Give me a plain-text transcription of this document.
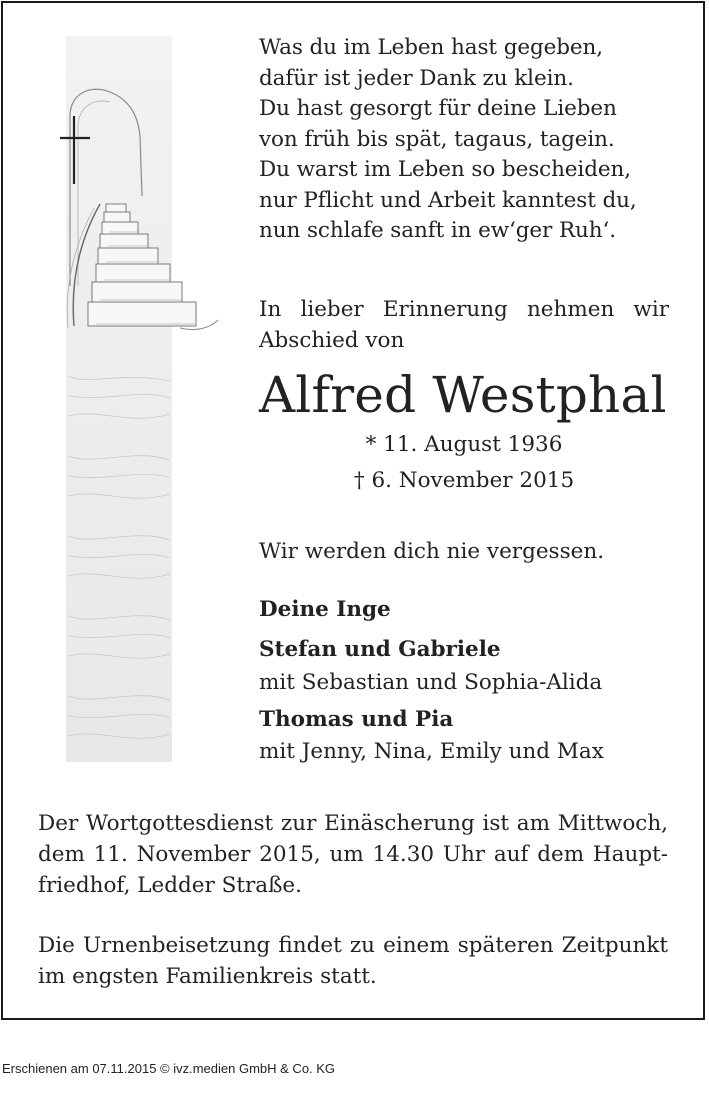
Was du im Leben hast gegeben,
dafür ist jeder Dank zu klein.
Du hast gesorgt für deine Lieben
von früh bis spät, tagaus, tagein.
Du warst im Leben so bescheiden,
nur Pflicht und Arbeit kanntest du,
nun schlafe sanft in ew‘ger Ruh‘.
In lieber Erinnerung nehmen wir
Abschied von
Alfred Westphal
* 11. August 1936
† 6. November 2015
Wir werden dich nie vergessen.
Deine Inge
Stefan und Gabriele
mit Sebastian und Sophia-Alida
Thomas und Pia
mit Jenny, Nina, Emily und Max
Der Wortgottesdienst zur Einäscherung ist am Mittwoch,
dem 11. November 2015, um 14.30 Uhr auf dem Haupt-
friedhof, Ledder Straße.
Die Urnenbeisetzung findet zu einem späteren Zeitpunkt
im engsten Familienkreis statt.
Erschienen am 07.11.2015 © ivz.medien GmbH & Co. KG
